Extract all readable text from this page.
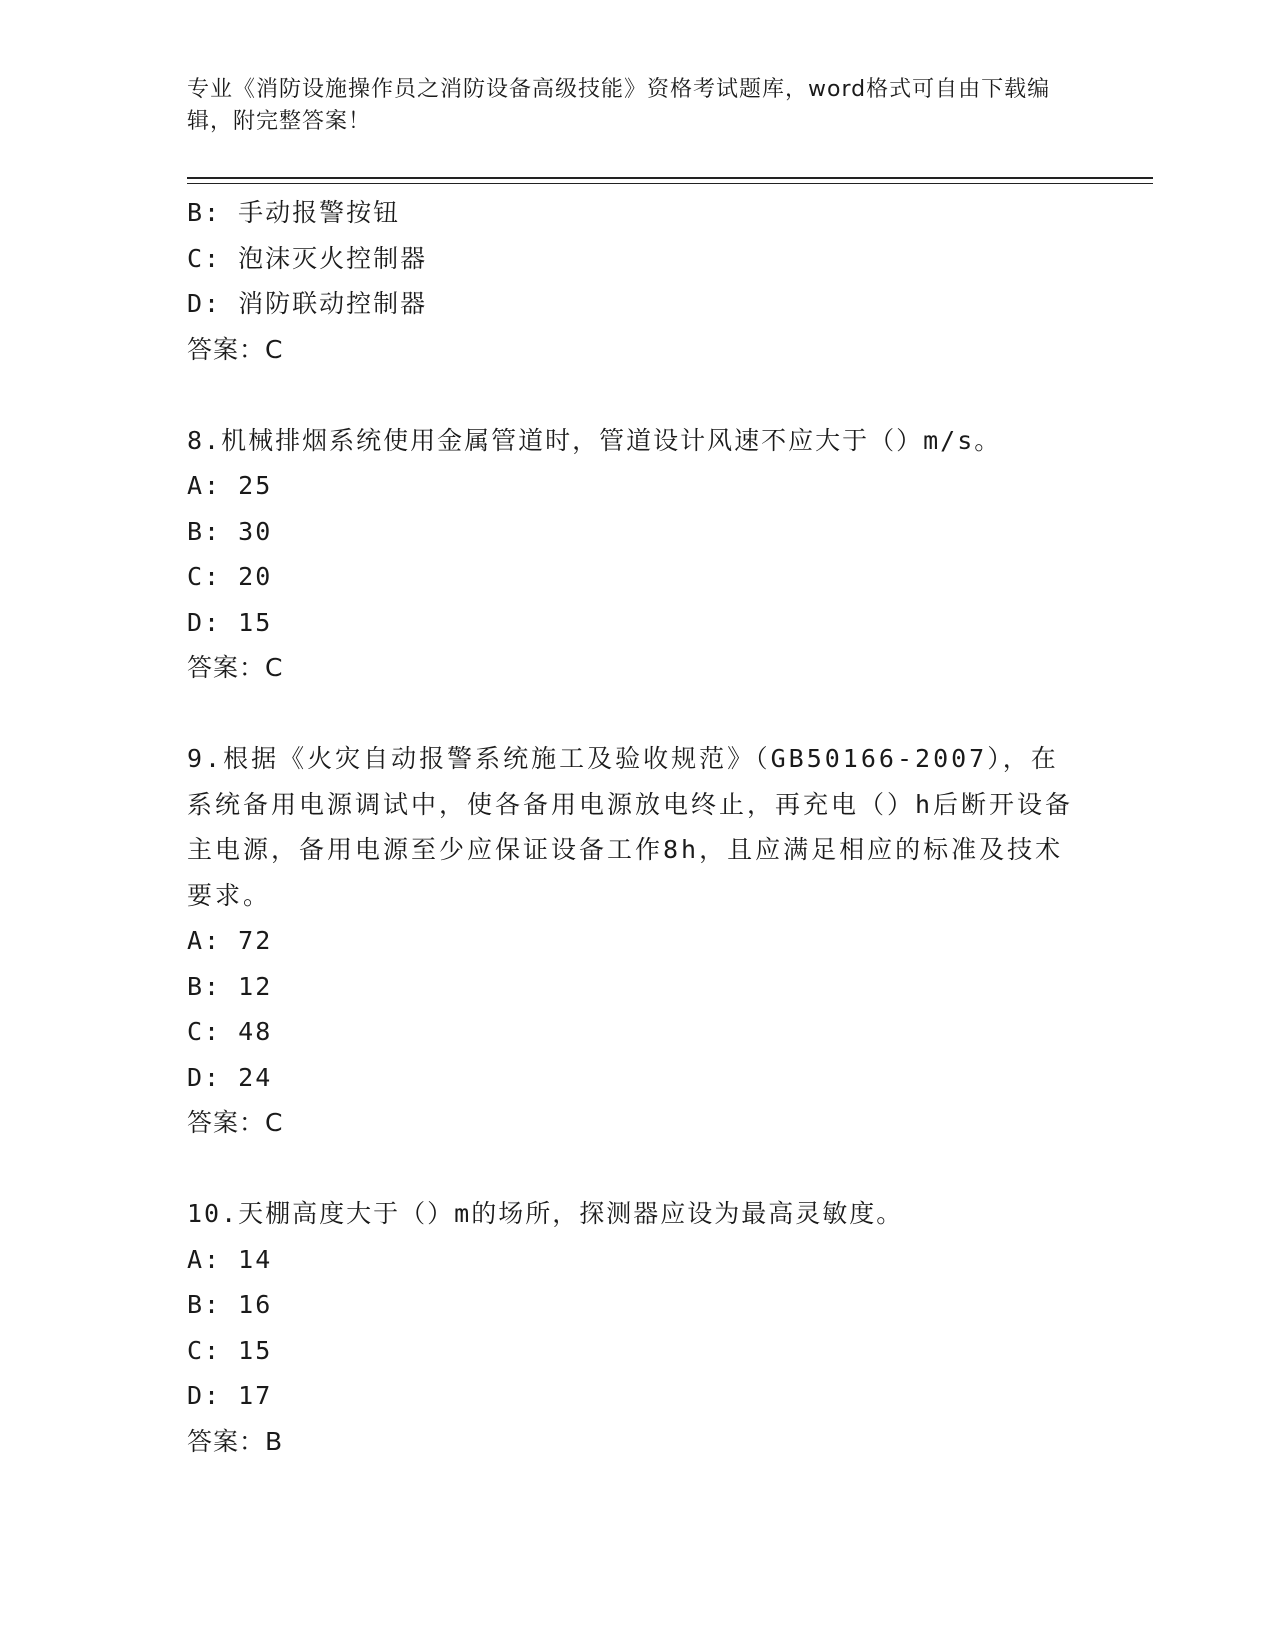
专业《消防设施操作员之消防设备高级技能》资格考试题库，word格式可自由下载编辑，附完整答案！
B: 手动报警按钮
C: 泡沫灭火控制器
D: 消防联动控制器
答案：C
8.机械排烟系统使用金属管道时，管道设计风速不应大于（）m/s。
A: 25
B: 30
C: 20
D: 15
答案：C
9.根据《火灾自动报警系统施工及验收规范》（GB50166-2007），在系统备用电源调试中，使各备用电源放电终止，再充电（）h后断开设备主电源，备用电源至少应保证设备工作8h，且应满足相应的标准及技术要求。
A: 72
B: 12
C: 48
D: 24
答案：C
10.天棚高度大于（）m的场所，探测器应设为最高灵敏度。
A: 14
B: 16
C: 15
D: 17
答案：B
